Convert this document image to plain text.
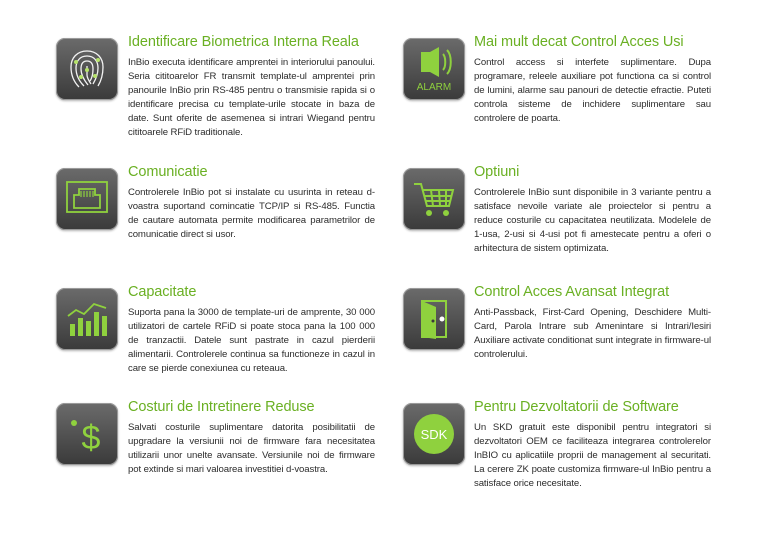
Identificare Biometrica Interna Reala
InBio executa identificare amprentei in interiorului panoului. Seria cititoarelor FR transmit template-ul amprentei prin panourile InBio prin RS-485 pentru o transmisie rapida si o identificare precisa cu template-urile stocate in baza de date. Sunt oferite de asemenea si intrari Wiegand pentru cititoarele RFiD traditionale.
ALARM
Mai mult decat Control Acces Usi
Control access si interfete suplimentare. Dupa programare, releele auxiliare pot functiona ca si control de lumini, alarme sau panouri de detectie efractie. Puteti controla sisteme de inchidere suplimentare sau controlere de poarta.
Comunicatie
Controlerele InBio pot si instalate cu usurinta in reteau d-voastra suportand comincatie TCP/IP si RS-485. Functia de cautare automata permite modificarea parametrilor de comunicatie direct si usor.
Optiuni
Controlerele InBio sunt disponibile in 3 variante pentru a satisface nevoile variate ale proiectelor si pentru a reduce costurile cu capacitatea neutilizata. Modelele de 1-usa, 2-usi si 4-usi pot fi amestecate pentru a oferi o arhitectura de sistem optimizata.
Capacitate
Suporta pana la 3000 de template-uri de amprente, 30 000 utilizatori de cartele RFiD si poate stoca pana la 100 000 de tranzactii. Datele sunt pastrate in cazul pierderii alimentarii. Controlerele continua sa functioneze in cazul in care se pierde conexiunea cu reteaua.
Control Acces Avansat Integrat
Anti-Passback, First-Card Opening, Deschidere Multi-Card, Parola Intrare sub Amenintare si Intrari/Iesiri Auxiliare activate conditionat sunt integrate in firmware-ul controlerului.
$
Costuri de Intretinere Reduse
Salvati costurile suplimentare datorita posibilitatii de upgradare la versiunii noi de firmware fara necesitatea utilizarii unor unelte avansate. Versiunile noi de firmware pot extinde si mari valoarea investitiei d-voastra.
SDK
Pentru Dezvoltatorii de Software
Un SKD gratuit este disponibil pentru integratori si dezvoltatori OEM ce faciliteaza integrarea controlerelor InBIO cu aplicatiile proprii de management al securitati. La cerere ZK poate customiza firmware-ul InBio pentru a satisface orice necesitate.
